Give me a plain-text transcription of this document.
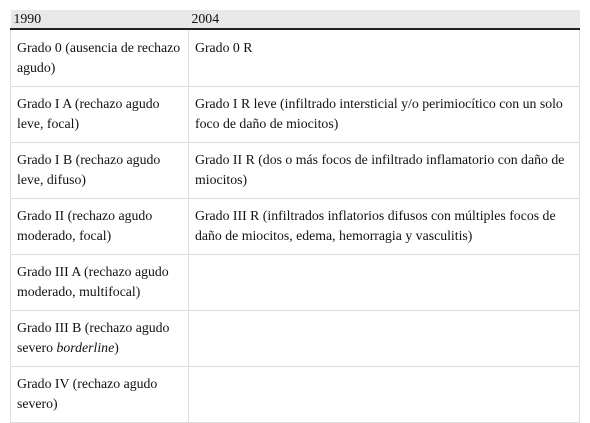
1990	2004
Grado 0 (ausencia de rechazo agudo)	Grado 0 R
Grado I A (rechazo agudo leve, focal)	Grado I R leve (infiltrado intersticial y/o perimiocítico con un solo foco de daño de miocitos)
Grado I B (rechazo agudo leve, difuso)	Grado II R (dos o más focos de infiltrado inflamatorio con daño de miocitos)
Grado II (rechazo agudo moderado, focal)	Grado III R (infiltrados inflatorios difusos con múltiples focos de daño de miocitos, edema, hemorragia y vasculitis)
Grado III A (rechazo agudo moderado, multifocal)	
Grado III B (rechazo agudo severo borderline)	
Grado IV (rechazo agudo severo)	
